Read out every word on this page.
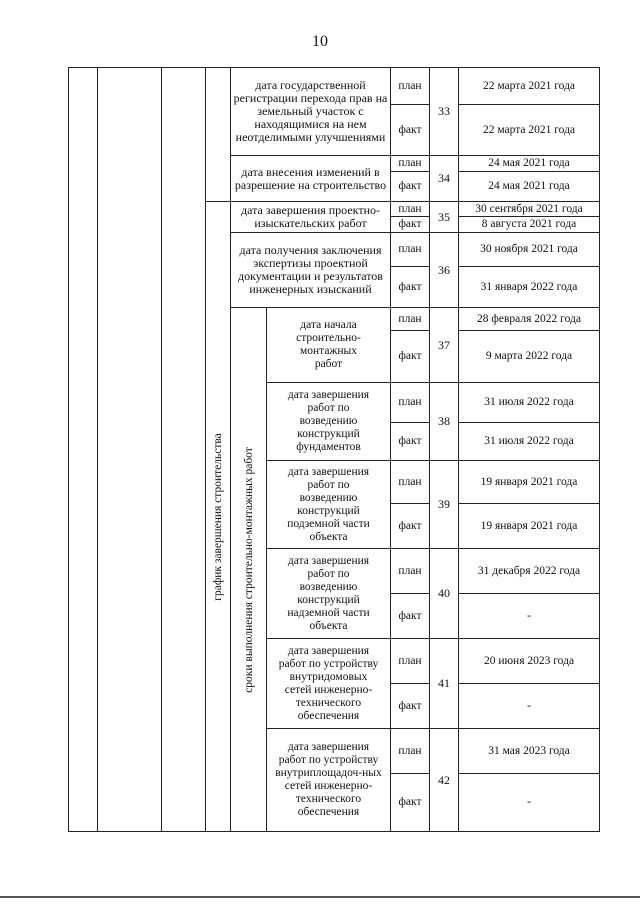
10
график завершения строительства сроки выполнения строительно-монтажных работ
дата государственной регистрации перехода прав на земельный участок с находящимися на нем неотделимыми улучшениями
план
факт
33
22 марта 2021 года
22 марта 2021 года
дата внесения изменений в разрешение на строительство
план
факт
34
24 мая 2021 года
24 мая 2021 года
дата завершения проектно-изыскательских работ
план
факт
35
30 сентября 2021 года
8 августа 2021 года
дата получения заключения экспертизы проектной документации и результатов инженерных изысканий
план
факт
36
30 ноября 2021 года
31 января 2022 года
дата начала строительно-монтажных работ
план
факт
37
28 февраля 2022 года
9 марта 2022 года
дата завершения работ по возведению конструкций фундаментов
план
факт
38
31 июля 2022 года
31 июля 2022 года
дата завершения работ по возведению конструкций подземной части объекта
план
факт
39
19 января 2021 года
19 января 2021 года
дата завершения работ по возведению конструкций надземной части объекта
план
факт
40
31 декабря 2022 года
-
дата завершения работ по устройству внутридомовых сетей инженерно-технического обеспечения
план
факт
41
20 июня 2023 года
-
дата завершения работ по устройству внутриплощадоч-ных сетей инженерно-технического обеспечения
план
факт
42
31 мая 2023 года
-
